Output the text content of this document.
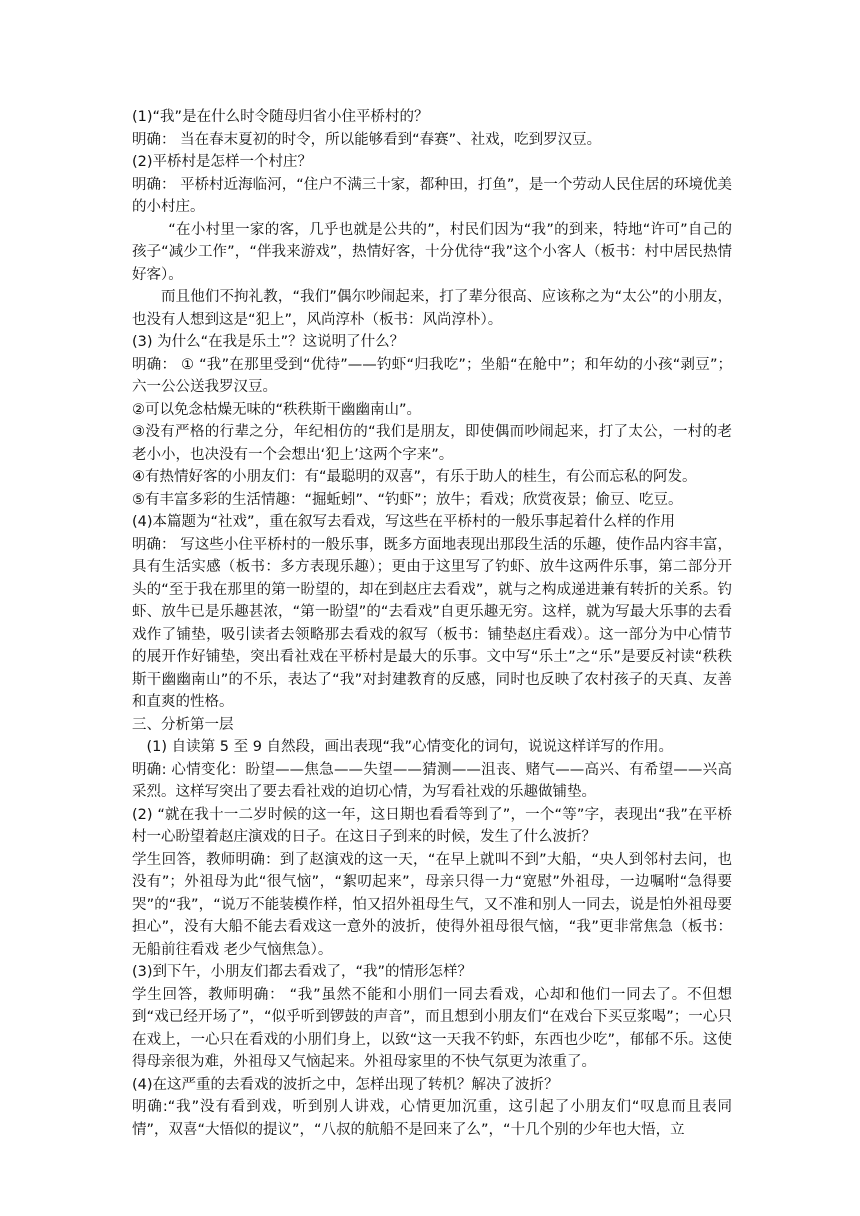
(1)“我”是在什么时令随母归省小住平桥村的？

明确： 当在春末夏初的时令，所以能够看到“春赛”、社戏，吃到罗汉豆。

(2)平桥村是怎样一个村庄？

明确： 平桥村近海临河，“住户不满三十家，都种田，打鱼”，是一个劳动人民住居的环境优美的小村庄。

“在小村里一家的客，几乎也就是公共的”，村民们因为“我”的到来，特地“许可”自己的孩子“减少工作”，“伴我来游戏”，热情好客，十分优待“我”这个小客人（板书：村中居民热情好客）。

而且他们不拘礼教，“我们”偶尔吵闹起来，打了辈分很高、应该称之为“太公”的小朋友，也没有人想到这是“犯上”，风尚淳朴（板书：风尚淳朴）。

(3) 为什么“在我是乐土”？这说明了什么？

明确： ① “我”在那里受到“优待”——钓虾“归我吃”；坐船“在舱中”；和年幼的小孩“剥豆”；六一公公送我罗汉豆。

②可以免念枯燥无味的“秩秩斯干幽幽南山”。

③没有严格的行辈之分，年纪相仿的“我们是朋友，即使偶而吵闹起来，打了太公，一村的老老小小，也决没有一个会想出‘犯上’这两个字来”。

④有热情好客的小朋友们：有“最聪明的双喜”，有乐于助人的桂生，有公而忘私的阿发。

⑤有丰富多彩的生活情趣：“掘蚯蚓”、“钓虾”；放牛；看戏；欣赏夜景；偷豆、吃豆。

(4)本篇题为“社戏”，重在叙写去看戏，写这些在平桥村的一般乐事起着什么样的作用

明确： 写这些小住平桥村的一般乐事，既多方面地表现出那段生活的乐趣，使作品内容丰富，具有生活实感（板书：多方表现乐趣）；更由于这里写了钓虾、放牛这两件乐事，第二部分开头的“至于我在那里的第一盼望的，却在到赵庄去看戏”，就与之构成递进兼有转折的关系。钓虾、放牛已是乐趣甚浓，“第一盼望”的“去看戏”自更乐趣无穷。这样，就为写最大乐事的去看戏作了铺垫，吸引读者去领略那去看戏的叙写（板书：铺垫赵庄看戏）。这一部分为中心情节的展开作好铺垫，突出看社戏在平桥村是最大的乐事。文中写“乐土”之“乐”是要反衬读“秩秩斯干幽幽南山”的不乐，表达了“我”对封建教育的反感，同时也反映了农村孩子的天真、友善和直爽的性格。

三、分析第一层

(1) 自读第 5 至 9 自然段，画出表现“我”心情变化的词句，说说这样详写的作用。

明确: 心情变化：盼望——焦急——失望——猜测——沮丧、赌气——高兴、有希望——兴高采烈。这样写突出了要去看社戏的迫切心情，为写看社戏的乐趣做铺垫。

(2) “就在我十一二岁时候的这一年，这日期也看看等到了”，一个“等”字，表现出“我”在平桥村一心盼望着赵庄演戏的日子。在这日子到来的时候，发生了什么波折？

学生回答，教师明确：到了赵演戏的这一天，“在早上就叫不到”大船，“央人到邻村去问，也没有”；外祖母为此“很气恼”，“絮叨起来”，母亲只得一力“宽慰”外祖母，一边嘱咐“急得要哭”的“我”，“说万不能装模作样，怕又招外祖母生气，又不准和别人一同去，说是怕外祖母要担心”，没有大船不能去看戏这一意外的波折，使得外祖母很气恼，“我”更非常焦急（板书：无船前往看戏 老少气恼焦急）。

(3)到下午，小朋友们都去看戏了，“我”的情形怎样？

学生回答，教师明确： “我”虽然不能和小朋们一同去看戏，心却和他们一同去了。不但想到“戏已经开场了”，“似乎听到锣鼓的声音”，而且想到小朋友们“在戏台下买豆浆喝”；一心只在戏上，一心只在看戏的小朋们身上，以致“这一天我不钓虾，东西也少吃”，郁郁不乐。这使得母亲很为难，外祖母又气恼起来。外祖母家里的不快气氛更为浓重了。

(4)在这严重的去看戏的波折之中，怎样出现了转机？解决了波折？

明确:“我”没有看到戏，听到别人讲戏，心情更加沉重，这引起了小朋友们“叹息而且表同情”，双喜“大悟似的提议”，“八叔的航船不是回来了么”，“十几个别的少年也大悟，立
